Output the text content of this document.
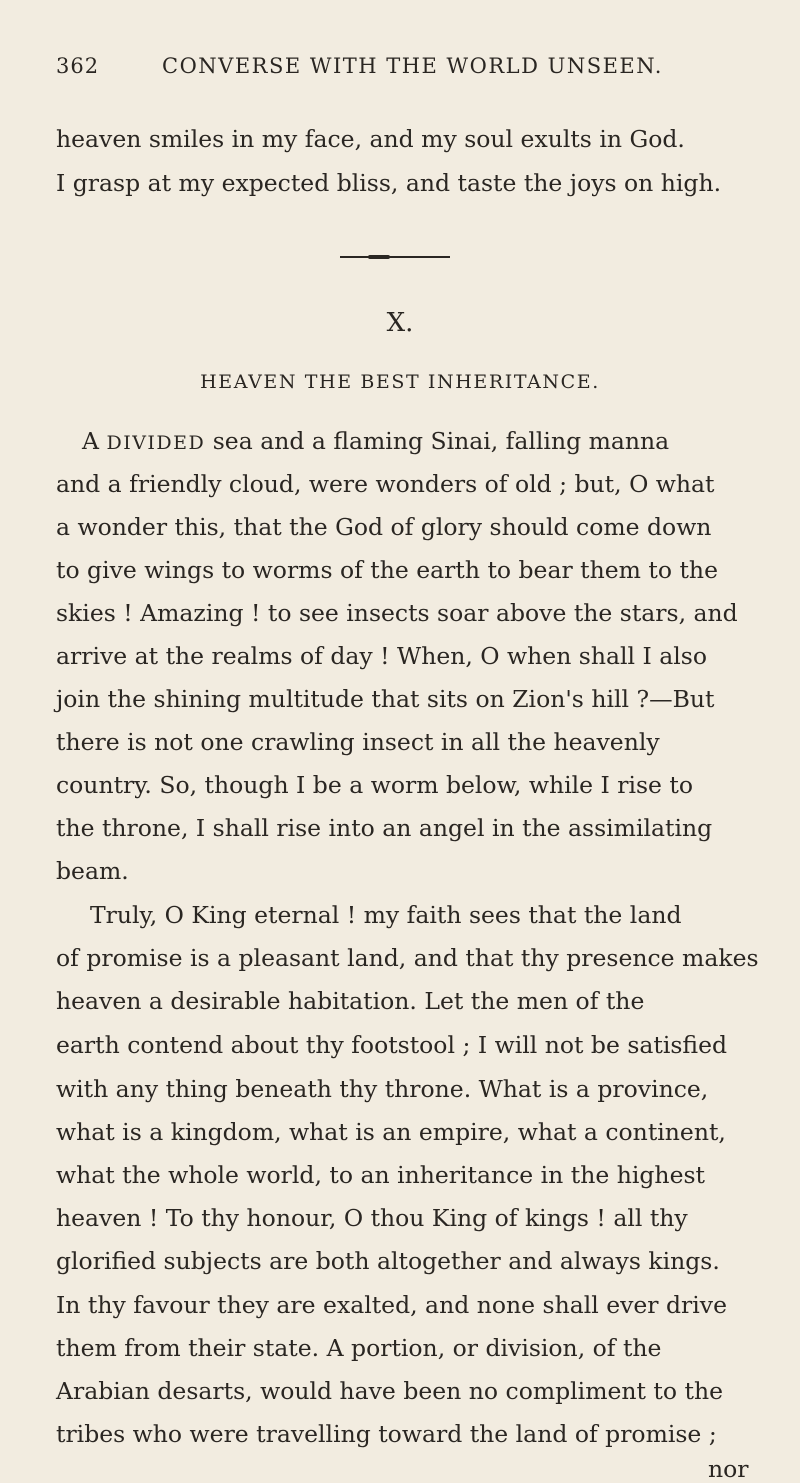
362	CONVERSE WITH THE WORLD UNSEEN.
heaven smiles in my face, and my soul exults in God.
I grasp at my expected bliss, and taste the joys on high.
X.
HEAVEN THE BEST INHERITANCE.
A DIVIDED sea and a flaming Sinai, falling manna
and a friendly cloud, were wonders of old ; but, O what
a wonder this, that the God of glory should come down
to give wings to worms of the earth to bear them to the
skies ! Amazing ! to see insects soar above the stars, and
arrive at the realms of day ! When, O when shall I also
join the shining multitude that sits on Zion's hill ?—But
there is not one crawling insect in all the heavenly
country. So, though I be a worm below, while I rise to
the throne, I shall rise into an angel in the assimilating
beam.
Truly, O King eternal ! my faith sees that the land
of promise is a pleasant land, and that thy presence makes
heaven a desirable habitation. Let the men of the
earth contend about thy footstool ; I will not be satisfied
with any thing beneath thy throne. What is a province,
what is a kingdom, what is an empire, what a continent,
what the whole world, to an inheritance in the highest
heaven ! To thy honour, O thou King of kings ! all thy
glorified subjects are both altogether and always kings.
In thy favour they are exalted, and none shall ever drive
them from their state. A portion, or division, of the
Arabian desarts, would have been no compliment to the
tribes who were travelling toward the land of promise ;
nor
